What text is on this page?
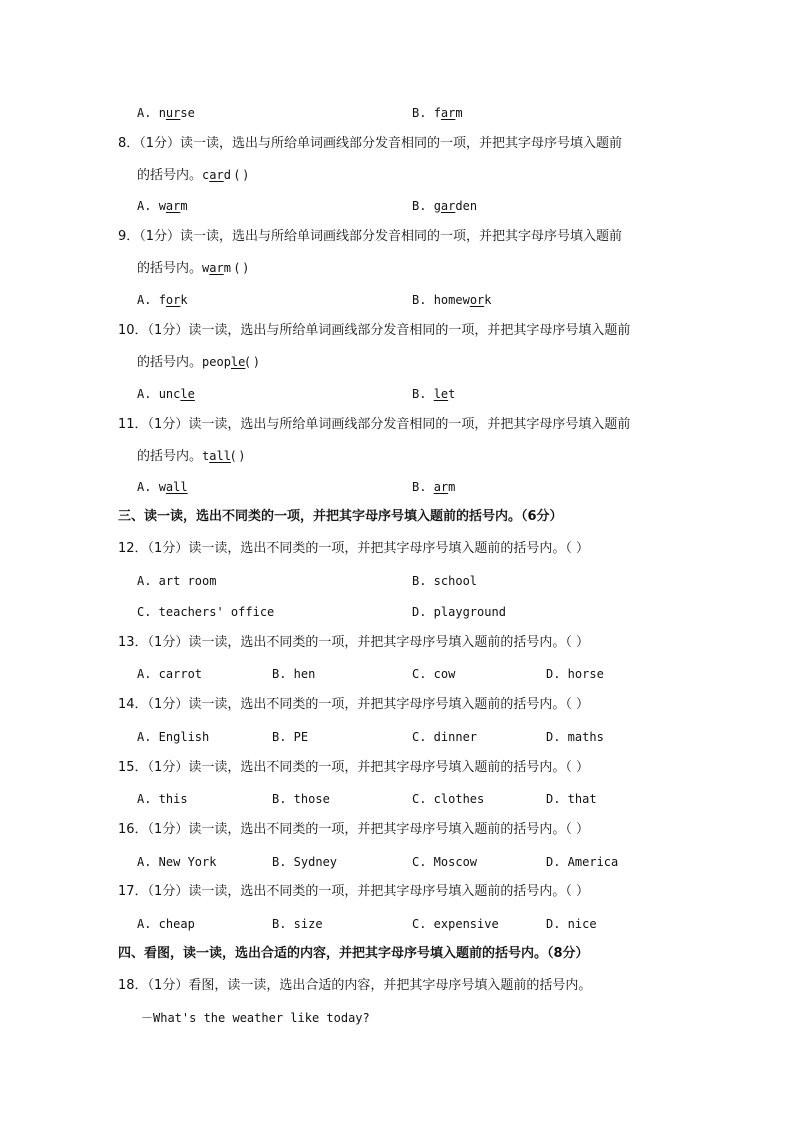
A. nurse	B. farm
8．（1分）读一读，选出与所给单词画线部分发音相同的一项，并把其字母序号填入题前
的括号内。card ( )
A. warm	B. garden
9．（1分）读一读，选出与所给单词画线部分发音相同的一项，并把其字母序号填入题前
的括号内。warm ( )
A. fork	B. homework
10．（1分）读一读，选出与所给单词画线部分发音相同的一项，并把其字母序号填入题前
的括号内。people( )
A. uncle	B. let
11．（1分）读一读，选出与所给单词画线部分发音相同的一项，并把其字母序号填入题前
的括号内。tall( )
A. wall	B. arm
三、读一读，选出不同类的一项，并把其字母序号填入题前的括号内。（6分）
12．（1分）读一读，选出不同类的一项，并把其字母序号填入题前的括号内。（ ）
A. art room	B. school
C. teachers' office	D. playground
13．（1分）读一读，选出不同类的一项，并把其字母序号填入题前的括号内。（ ）
A. carrot	B. hen	C. cow	D. horse
14．（1分）读一读，选出不同类的一项，并把其字母序号填入题前的括号内。（ ）
A. English	B. PE	C. dinner	D. maths
15．（1分）读一读，选出不同类的一项，并把其字母序号填入题前的括号内。（ ）
A. this	B. those	C. clothes	D. that
16．（1分）读一读，选出不同类的一项，并把其字母序号填入题前的括号内。（ ）
A. New York	B. Sydney	C. Moscow	D. America
17．（1分）读一读，选出不同类的一项，并把其字母序号填入题前的括号内。（ ）
A. cheap	B. size	C. expensive	D. nice
四、看图，读一读，选出合适的内容，并把其字母序号填入题前的括号内。（8分）
18．（1分）看图，读一读，选出合适的内容，并把其字母序号填入题前的括号内。
－What's the weather like today?
